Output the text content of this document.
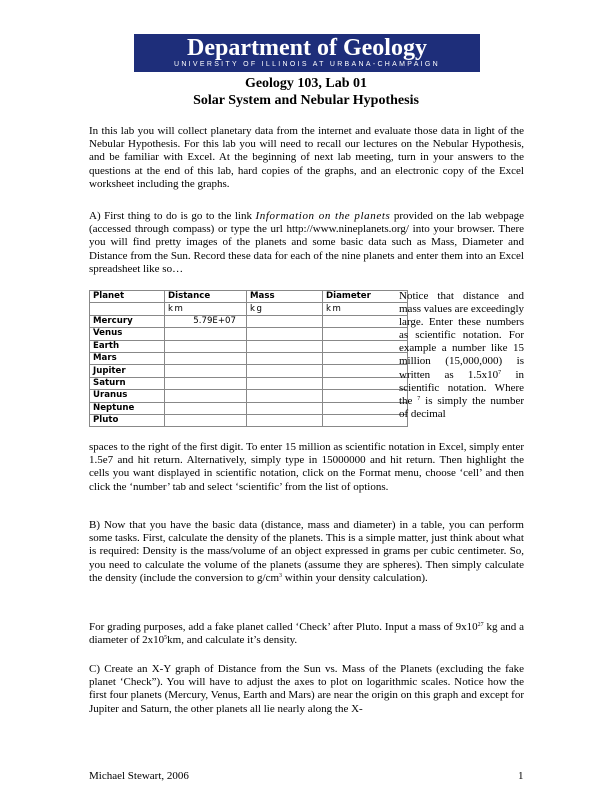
Department of Geology
UNIVERSITY OF ILLINOIS AT URBANA-CHAMPAIGN
Geology 103, Lab 01
Solar System and Nebular Hypothesis

In this lab you will collect planetary data from the internet and evaluate those data in light of the Nebular Hypothesis. For this lab you will need to recall our lectures on the Nebular Hypothesis, and be familiar with Excel. At the beginning of next lab meeting, turn in your answers to the questions at the end of this lab, hard copies of the graphs, and an electronic copy of the Excel worksheet including the graphs.

A) First thing to do is go to the link Information on the planets provided on the lab webpage (accessed through compass) or type the url http://www.nineplanets.org/ into your browser. There you will find pretty images of the planets and some basic data such as Mass, Diameter and Distance from the Sun. Record these data for each of the nine planets and enter them into an Excel spreadsheet like so…

Planet	Distance	Mass	Diameter
	km	kg	km
Mercury	5.79E+07		
Venus			
Earth			
Mars			
Jupiter			
Saturn			
Uranus			
Neptune			
Pluto			

Notice that distance and mass values are exceedingly large. Enter these numbers as scientific notation. For example a number like 15 million (15,000,000) is written as $1.5x10^7$ in scientific notation. Where the $^7$ is simply the number of decimal

spaces to the right of the first digit. To enter 15 million as scientific notation in Excel, simply enter 1.5e7 and hit return. Alternatively, simply type in 15000000 and hit return. Then highlight the cells you want displayed in scientific notation, click on the Format menu, choose ‘cell’ and then click the ‘number’ tab and select ‘scientific’ from the list of options.

B) Now that you have the basic data (distance, mass and diameter) in a table, you can perform some tasks. First, calculate the density of the planets. This is a simple matter, just think about what is required: Density is the mass/volume of an object expressed in grams per cubic centimeter. So, you need to calculate the volume of the planets (assume they are spheres). Then simply calculate the density (include the conversion to $g/cm^3$ within your density calculation).

For grading purposes, add a fake planet called ‘Check’ after Pluto. Input a mass of $9x10^{27}$ kg and a diameter of $2x10^5km$, and calculate it’s density.

C) Create an X-Y graph of Distance from the Sun vs. Mass of the Planets (excluding the fake planet ‘Check”). You will have to adjust the axes to plot on logarithmic scales. Notice how the first four planets (Mercury, Venus, Earth and Mars) are near the origin on this graph and except for Jupiter and Saturn, the other planets all lie nearly along the X-

Michael Stewart, 2006	1
